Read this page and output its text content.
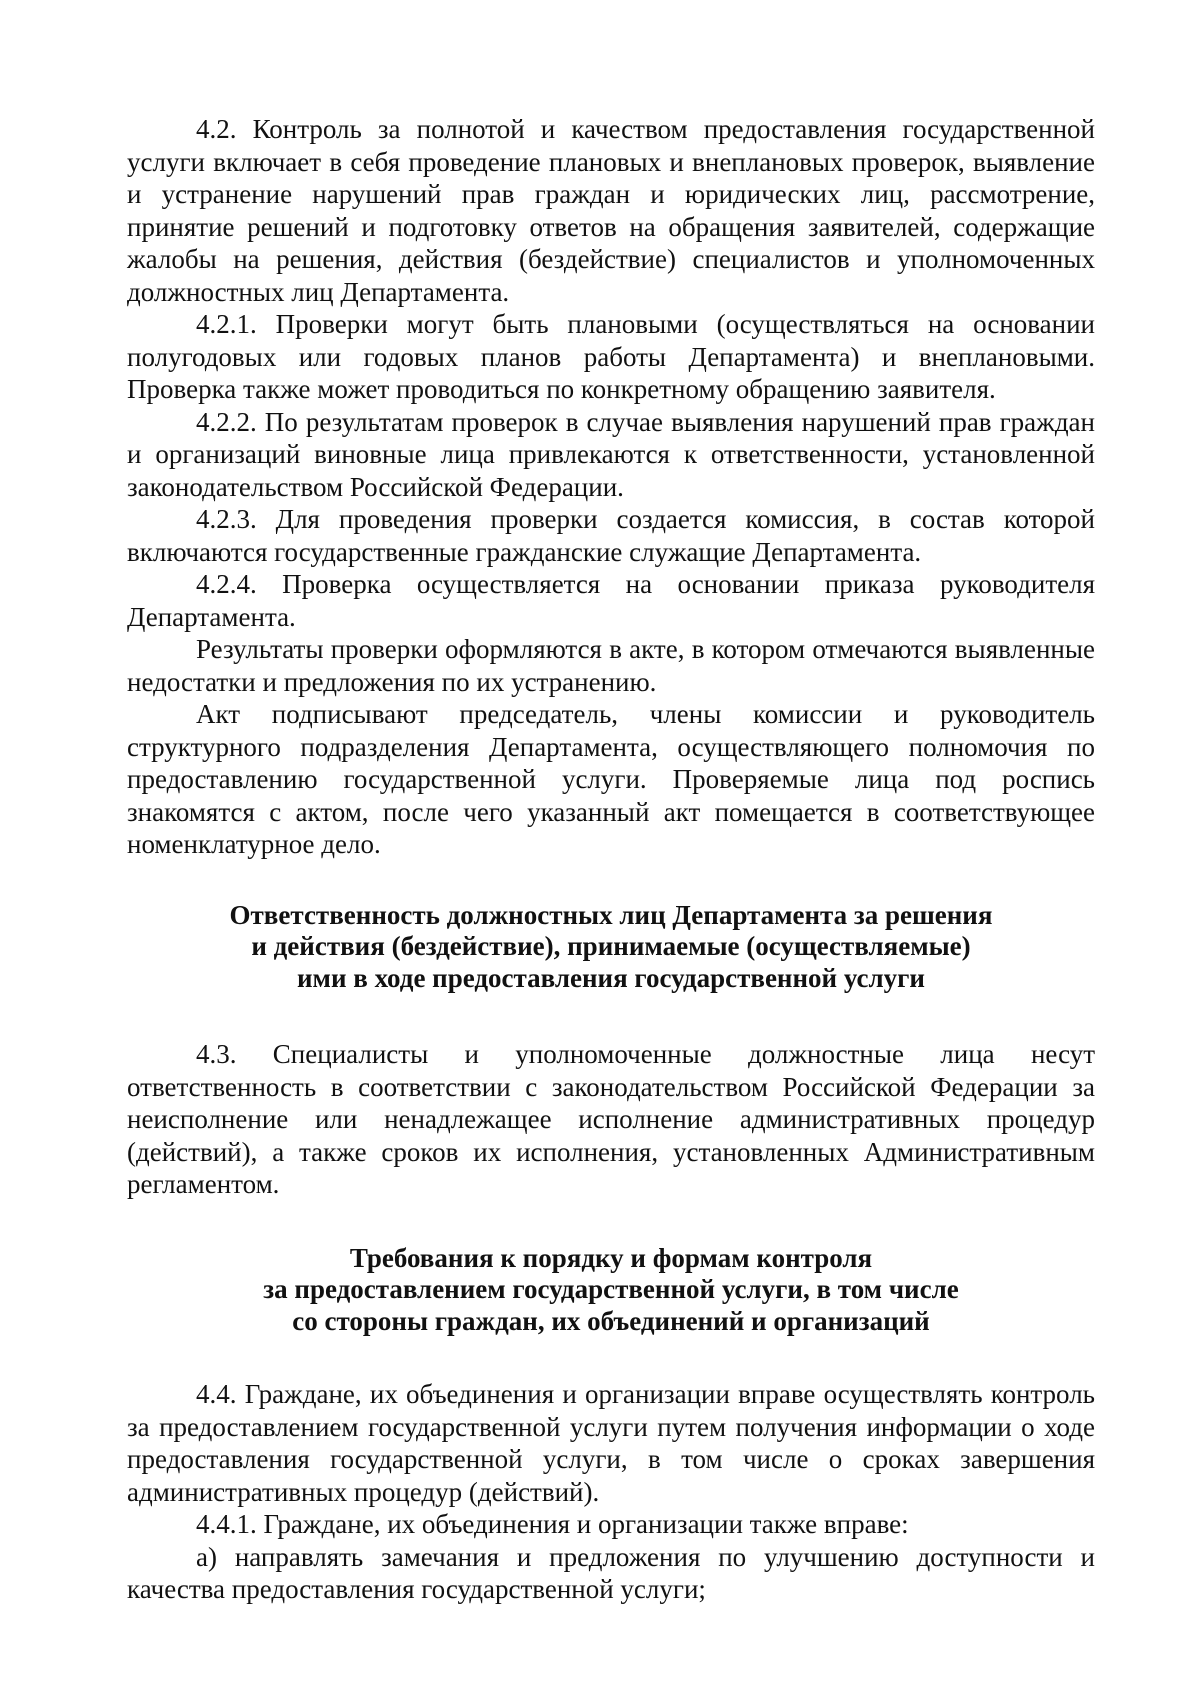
4.2. Контроль за полнотой и качеством предоставления государственной услуги включает в себя проведение плановых и внеплановых проверок, выявление и устранение нарушений прав граждан и юридических лиц, рассмотрение, принятие решений и подготовку ответов на обращения заявителей, содержащие жалобы на решения, действия (бездействие) специалистов и уполномоченных должностных лиц Департамента.

4.2.1. Проверки могут быть плановыми (осуществляться на основании полугодовых или годовых планов работы Департамента) и внеплановыми. Проверка также может проводиться по конкретному обращению заявителя.

4.2.2. По результатам проверок в случае выявления нарушений прав граждан и организаций виновные лица привлекаются к ответственности, установленной законодательством Российской Федерации.

4.2.3. Для проведения проверки создается комиссия, в состав которой включаются государственные гражданские служащие Департамента.

4.2.4. Проверка осуществляется на основании приказа руководителя Департамента.

Результаты проверки оформляются в акте, в котором отмечаются выявленные недостатки и предложения по их устранению.

Акт подписывают председатель, члены комиссии и руководитель структурного подразделения Департамента, осуществляющего полномочия по предоставлению государственной услуги. Проверяемые лица под роспись знакомятся с актом, после чего указанный акт помещается в соответствующее номенклатурное дело.

Ответственность должностных лиц Департамента за решения
и действия (бездействие), принимаемые (осуществляемые)
ими в ходе предоставления государственной услуги

4.3. Специалисты и уполномоченные должностные лица несут ответственность в соответствии с законодательством Российской Федерации за неисполнение или ненадлежащее исполнение административных процедур (действий), а также сроков их исполнения, установленных Административным регламентом.

Требования к порядку и формам контроля
за предоставлением государственной услуги, в том числе
со стороны граждан, их объединений и организаций

4.4. Граждане, их объединения и организации вправе осуществлять контроль за предоставлением государственной услуги путем получения информации о ходе предоставления государственной услуги, в том числе о сроках завершения административных процедур (действий).

4.4.1. Граждане, их объединения и организации также вправе:

а) направлять замечания и предложения по улучшению доступности и качества предоставления государственной услуги;
